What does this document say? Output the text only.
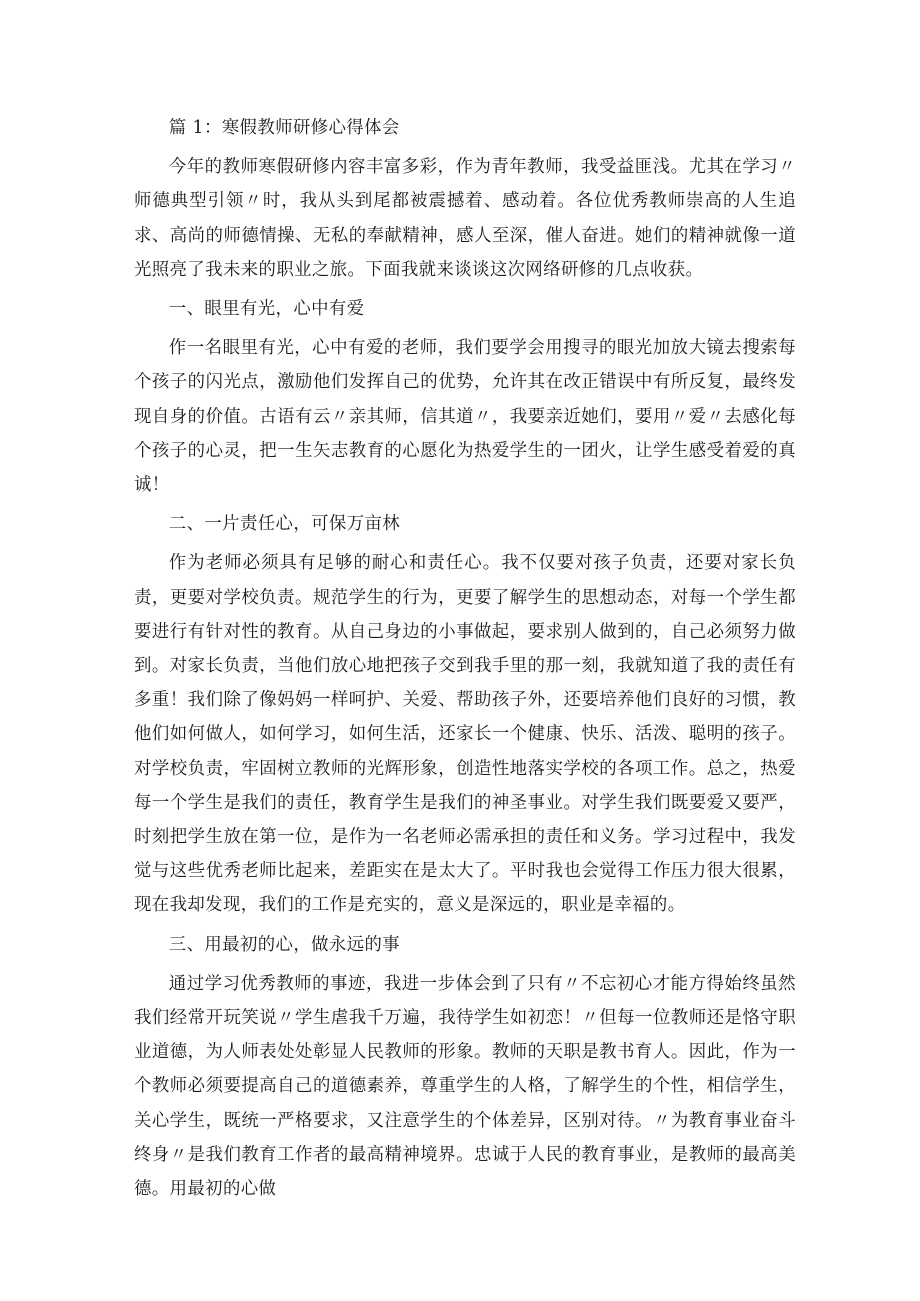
篇 1：寒假教师研修心得体会

今年的教师寒假研修内容丰富多彩，作为青年教师，我受益匪浅。尤其在学习〃师德典型引领〃时，我从头到尾都被震撼着、感动着。各位优秀教师崇高的人生追求、高尚的师德情操、无私的奉献精神，感人至深，催人奋进。她们的精神就像一道光照亮了我未来的职业之旅。下面我就来谈谈这次网络研修的几点收获。

一、眼里有光，心中有爱

作一名眼里有光，心中有爱的老师，我们要学会用搜寻的眼光加放大镜去搜索每个孩子的闪光点，激励他们发挥自己的优势，允许其在改正错误中有所反复，最终发现自身的价值。古语有云〃亲其师，信其道〃，我要亲近她们，要用〃爱〃去感化每个孩子的心灵，把一生矢志教育的心愿化为热爱学生的一团火，让学生感受着爱的真诚！

二、一片责任心，可保万亩林

作为老师必须具有足够的耐心和责任心。我不仅要对孩子负责，还要对家长负责，更要对学校负责。规范学生的行为，更要了解学生的思想动态，对每一个学生都要进行有针对性的教育。从自己身边的小事做起，要求别人做到的，自己必须努力做到。对家长负责，当他们放心地把孩子交到我手里的那一刻，我就知道了我的责任有多重！我们除了像妈妈一样呵护、关爱、帮助孩子外，还要培养他们良好的习惯，教他们如何做人，如何学习，如何生活，还家长一个健康、快乐、活泼、聪明的孩子。对学校负责，牢固树立教师的光辉形象，创造性地落实学校的各项工作。总之，热爱每一个学生是我们的责任，教育学生是我们的神圣事业。对学生我们既要爱又要严，时刻把学生放在第一位，是作为一名老师必需承担的责任和义务。学习过程中，我发觉与这些优秀老师比起来，差距实在是太大了。平时我也会觉得工作压力很大很累，现在我却发现，我们的工作是充实的，意义是深远的，职业是幸福的。

三、用最初的心，做永远的事

通过学习优秀教师的事迹，我进一步体会到了只有〃不忘初心才能方得始终虽然我们经常开玩笑说〃学生虐我千万遍，我待学生如初恋！〃但每一位教师还是恪守职业道德，为人师表处处彰显人民教师的形象。教师的天职是教书育人。因此，作为一个教师必须要提高自己的道德素养，尊重学生的人格，了解学生的个性，相信学生，关心学生，既统一严格要求，又注意学生的个体差异，区别对待。〃为教育事业奋斗终身〃是我们教育工作者的最高精神境界。忠诚于人民的教育事业，是教师的最高美德。用最初的心做
